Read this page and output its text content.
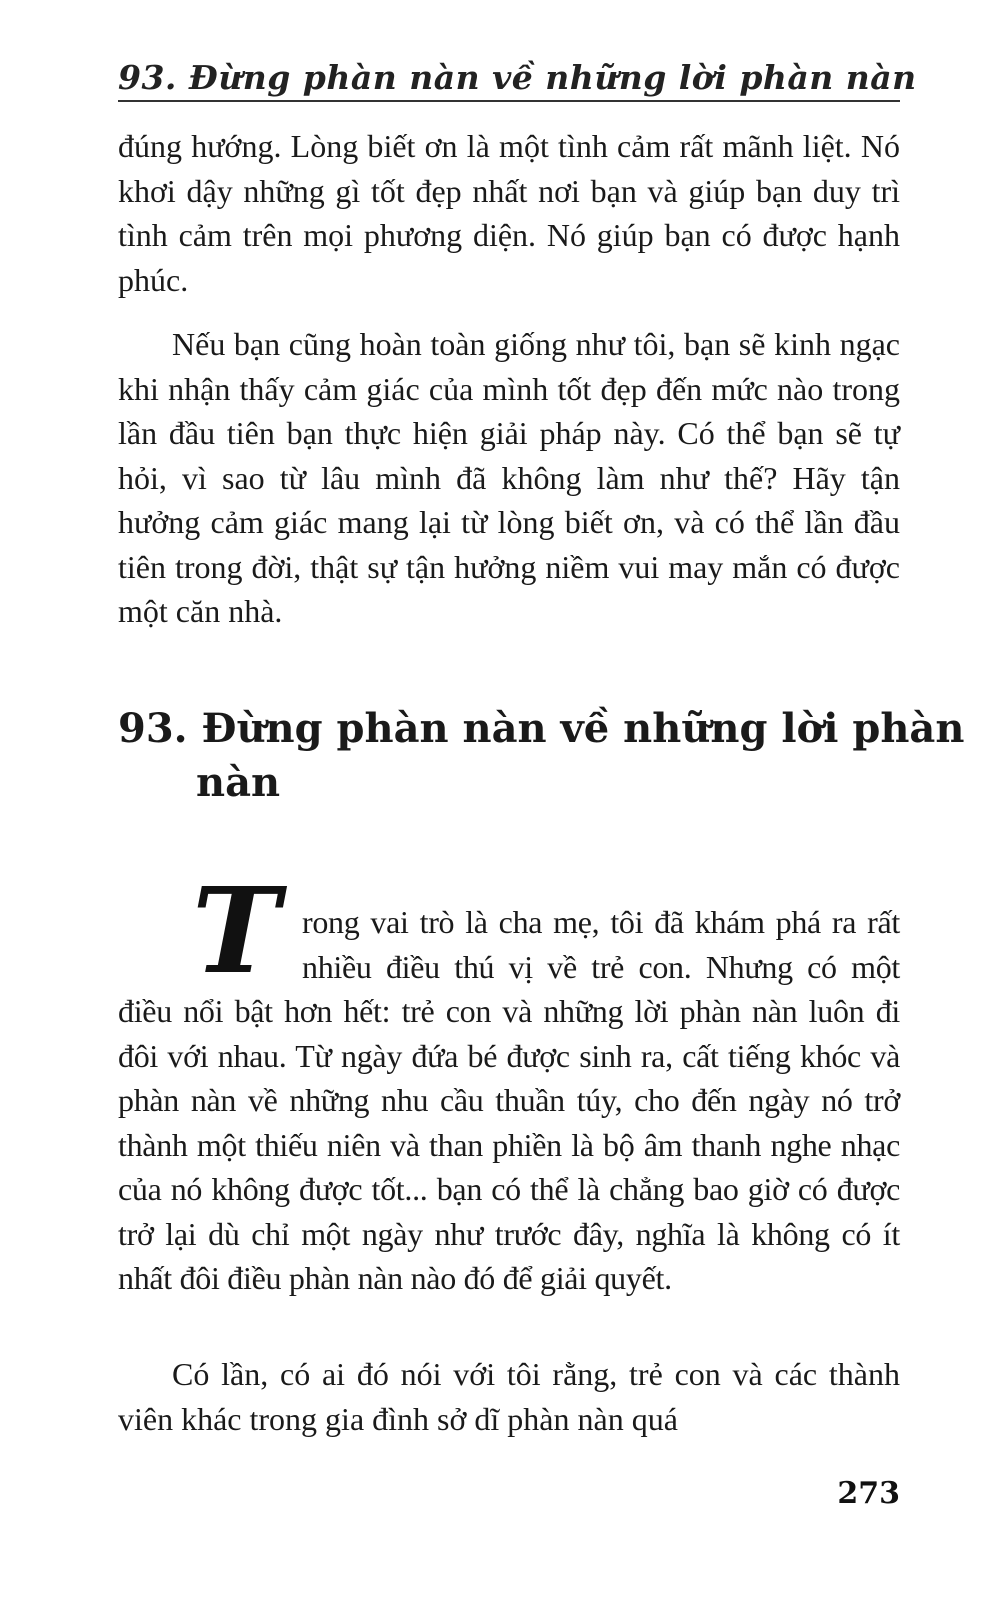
93. Đừng phàn nàn về những lời phàn nàn

đúng hướng. Lòng biết ơn là một tình cảm rất mãnh liệt. Nó khơi dậy những gì tốt đẹp nhất nơi bạn và giúp bạn duy trì tình cảm trên mọi phương diện. Nó giúp bạn có được hạnh phúc.

Nếu bạn cũng hoàn toàn giống như tôi, bạn sẽ kinh ngạc khi nhận thấy cảm giác của mình tốt đẹp đến mức nào trong lần đầu tiên bạn thực hiện giải pháp này. Có thể bạn sẽ tự hỏi, vì sao từ lâu mình đã không làm như thế? Hãy tận hưởng cảm giác mang lại từ lòng biết ơn, và có thể lần đầu tiên trong đời, thật sự tận hưởng niềm vui may mắn có được một căn nhà.

93. Đừng phàn nàn về những lời phàn nàn
T rong vai trò là cha mẹ, tôi đã khám phá ra rất nhiều điều thú vị về trẻ con. Nhưng có một điều nổi bật hơn hết: trẻ con và những lời phàn nàn luôn đi đôi với nhau. Từ ngày đứa bé được sinh ra, cất tiếng khóc và phàn nàn về những nhu cầu thuần túy, cho đến ngày nó trở thành một thiếu niên và than phiền là bộ âm thanh nghe nhạc của nó không được tốt... bạn có thể là chẳng bao giờ có được trở lại dù chỉ một ngày như trước đây, nghĩa là không có ít nhất đôi điều phàn nàn nào đó để giải quyết.

Có lần, có ai đó nói với tôi rằng, trẻ con và các thành viên khác trong gia đình sở dĩ phàn nàn quá

273
